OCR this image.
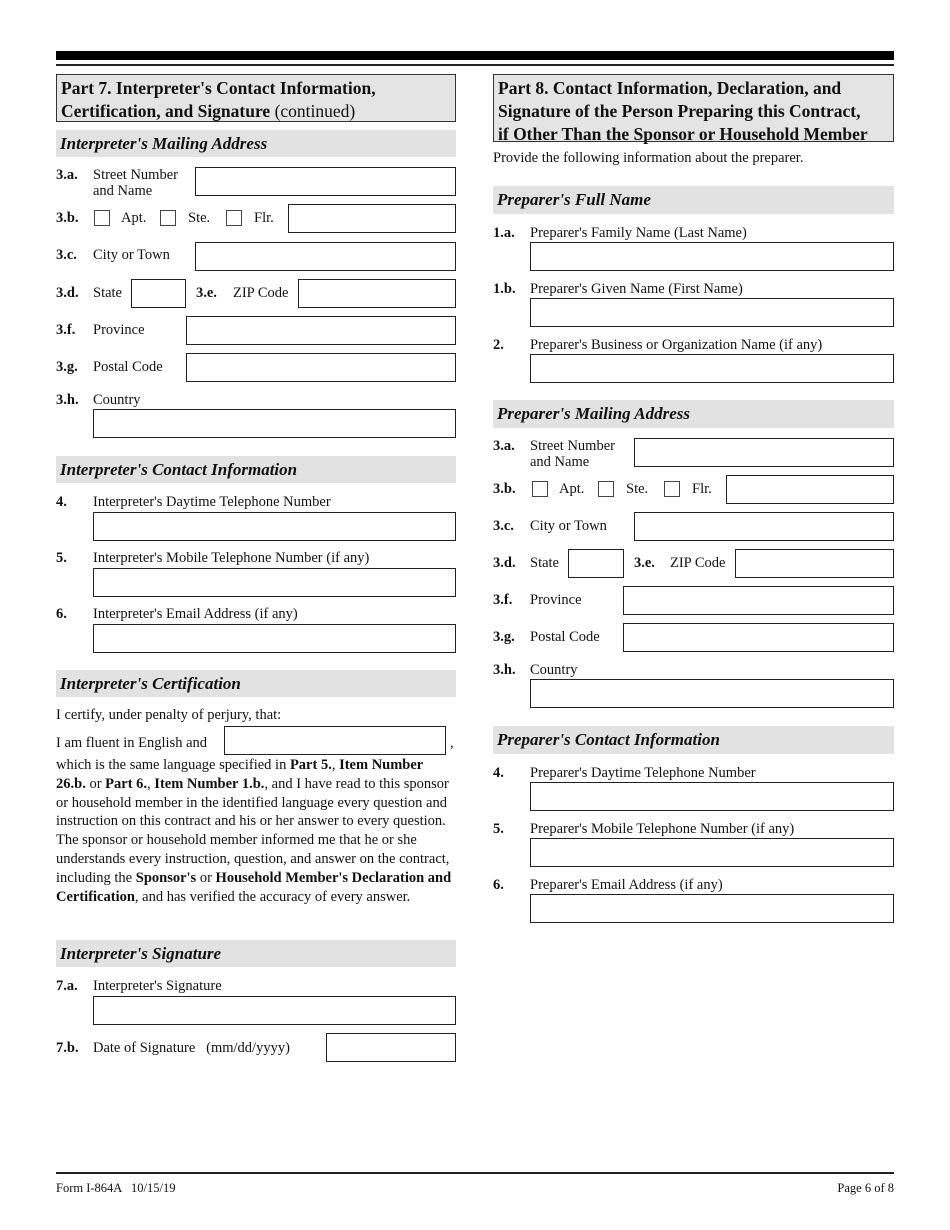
Part 7. Interpreter's Contact Information, Certification, and Signature (continued)
Interpreter's Mailing Address
3.a. Street Number
and Name
3.b.	Apt.	Ste.	Flr.
3.c. City or Town
3.d. State	3.e. ZIP Code
3.f. Province
3.g. Postal Code
3.h. Country
Interpreter's Contact Information
4. Interpreter's Daytime Telephone Number
5. Interpreter's Mobile Telephone Number (if any)
6. Interpreter's Email Address (if any)
Interpreter's Certification
I certify, under penalty of perjury, that:
I am fluent in English and	,
which is the same language specified in Part 5., Item Number 26.b. or Part 6., Item Number 1.b., and I have read to this sponsor or household member in the identified language every question and instruction on this contract and his or her answer to every question. The sponsor or household member informed me that he or she understands every instruction, question, and answer on the contract, including the Sponsor's or Household Member's Declaration and Certification, and has verified the accuracy of every answer.
Interpreter's Signature
7.a. Interpreter's Signature
7.b. Date of Signature   (mm/dd/yyyy)
Part 8. Contact Information, Declaration, and
Signature of the Person Preparing this Contract,
if Other Than the Sponsor or Household Member
Provide the following information about the preparer.
Preparer's Full Name
1.a. Preparer's Family Name (Last Name)
1.b. Preparer's Given Name (First Name)
2. Preparer's Business or Organization Name (if any)
Preparer's Mailing Address
3.a. Street Number
and Name
3.b.	Apt.	Ste.	Flr.
3.c. City or Town
3.d. State	3.e. ZIP Code
3.f. Province
3.g. Postal Code
3.h. Country
Preparer's Contact Information
4. Preparer's Daytime Telephone Number
5. Preparer's Mobile Telephone Number (if any)
6. Preparer's Email Address (if any)
Form I-864A   10/15/19	Page 6 of 8
